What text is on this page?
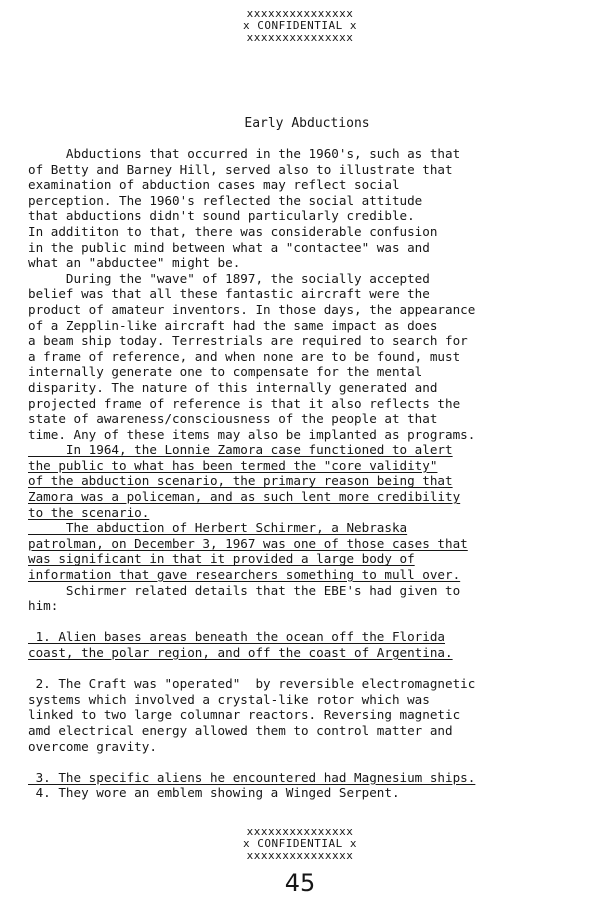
xxxxxxxxxxxxxxx
x CONFIDENTIAL x
xxxxxxxxxxxxxxx
Early Abductions
Abductions that occurred in the 1960's, such as that
of Betty and Barney Hill, served also to illustrate that
examination of abduction cases may reflect social
perception. The 1960's reflected the social attitude
that abductions didn't sound particularly credible.
In addititon to that, there was considerable confusion
in the public mind between what a "contactee" was and
what an "abductee" might be.
During the "wave" of 1897, the socially accepted
belief was that all these fantastic aircraft were the
product of amateur inventors. In those days, the appearance
of a Zepplin-like aircraft had the same impact as does
a beam ship today. Terrestrials are required to search for
a frame of reference, and when none are to be found, must
internally generate one to compensate for the mental
disparity. The nature of this internally generated and
projected frame of reference is that it also reflects the
state of awareness/consciousness of the people at that
time. Any of these items may also be implanted as programs.
In 1964, the Lonnie Zamora case functioned to alert
the public to what has been termed the "core validity"
of the abduction scenario, the primary reason being that
Zamora was a policeman, and as such lent more credibility
to the scenario.
The abduction of Herbert Schirmer, a Nebraska
patrolman, on December 3, 1967 was one of those cases that
was significant in that it provided a large body of
information that gave researchers something to mull over.
Schirmer related details that the EBE's had given to
him:
1. Alien bases areas beneath the ocean off the Florida
coast, the polar region, and off the coast of Argentina.
2. The Craft was "operated"  by reversible electromagnetic
systems which involved a crystal-like rotor which was
linked to two large columnar reactors. Reversing magnetic
amd electrical energy allowed them to control matter and
overcome gravity.
3. The specific aliens he encountered had Magnesium ships.
4. They wore an emblem showing a Winged Serpent.
xxxxxxxxxxxxxxx
x CONFIDENTIAL x
xxxxxxxxxxxxxxx
45
